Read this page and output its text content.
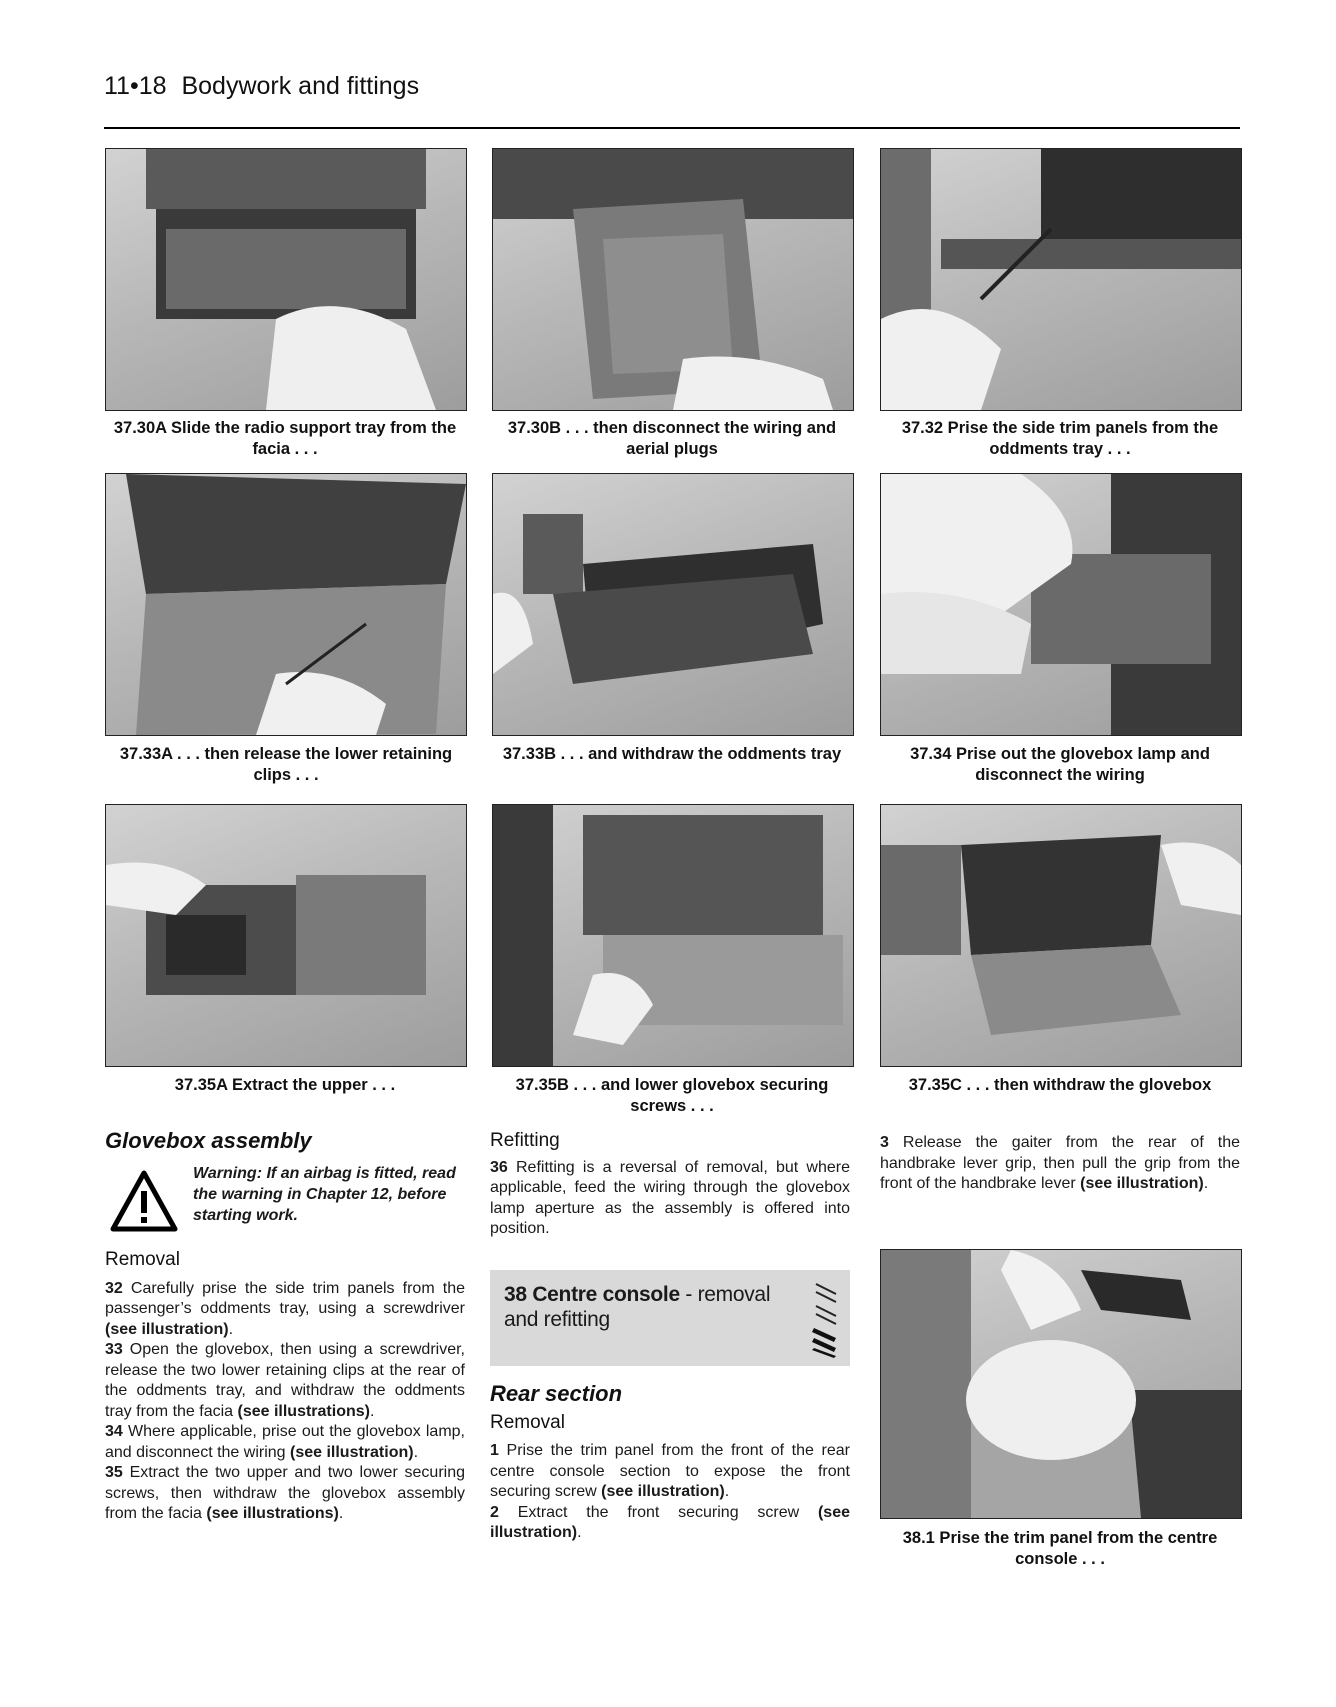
11•18 Bodywork and fittings
37.30A Slide the radio support tray from the facia . . .
37.30B . . . then disconnect the wiring and aerial plugs
37.32 Prise the side trim panels from the oddments tray . . .
37.33A . . . then release the lower retaining clips . . .
37.33B . . . and withdraw the oddments tray	37.34 Prise out the glovebox lamp and disconnect the wiring
37.35A Extract the upper . . .	37.35B . . . and lower glovebox securing screws . . .
37.35C . . . then withdraw the glovebox
Glovebox assembly
Warning: If an airbag is fitted, read the warning in Chapter 12, before starting work.
Removal

32 Carefully prise the side trim panels from the passenger’s oddments tray, using a screwdriver (see illustration).

33 Open the glovebox, then using a screwdriver, release the two lower retaining clips at the rear of the oddments tray, and withdraw the oddments tray from the facia (see illustrations).

34 Where applicable, prise out the glovebox lamp, and disconnect the wiring (see illustration).

35 Extract the two upper and two lower securing screws, then withdraw the glovebox assembly from the facia (see illustrations).

Refitting

36 Refitting is a reversal of removal, but where applicable, feed the wiring through the glovebox lamp aperture as the assembly is offered into position.

38 Centre console - removal and refitting
Rear section
Removal

1 Prise the trim panel from the front of the rear centre console section to expose the front securing screw (see illustration).

2 Extract the front securing screw (see illustration).

3 Release the gaiter from the rear of the handbrake lever grip, then pull the grip from the front of the handbrake lever (see illustration).

38.1 Prise the trim panel from the centre console . . .
